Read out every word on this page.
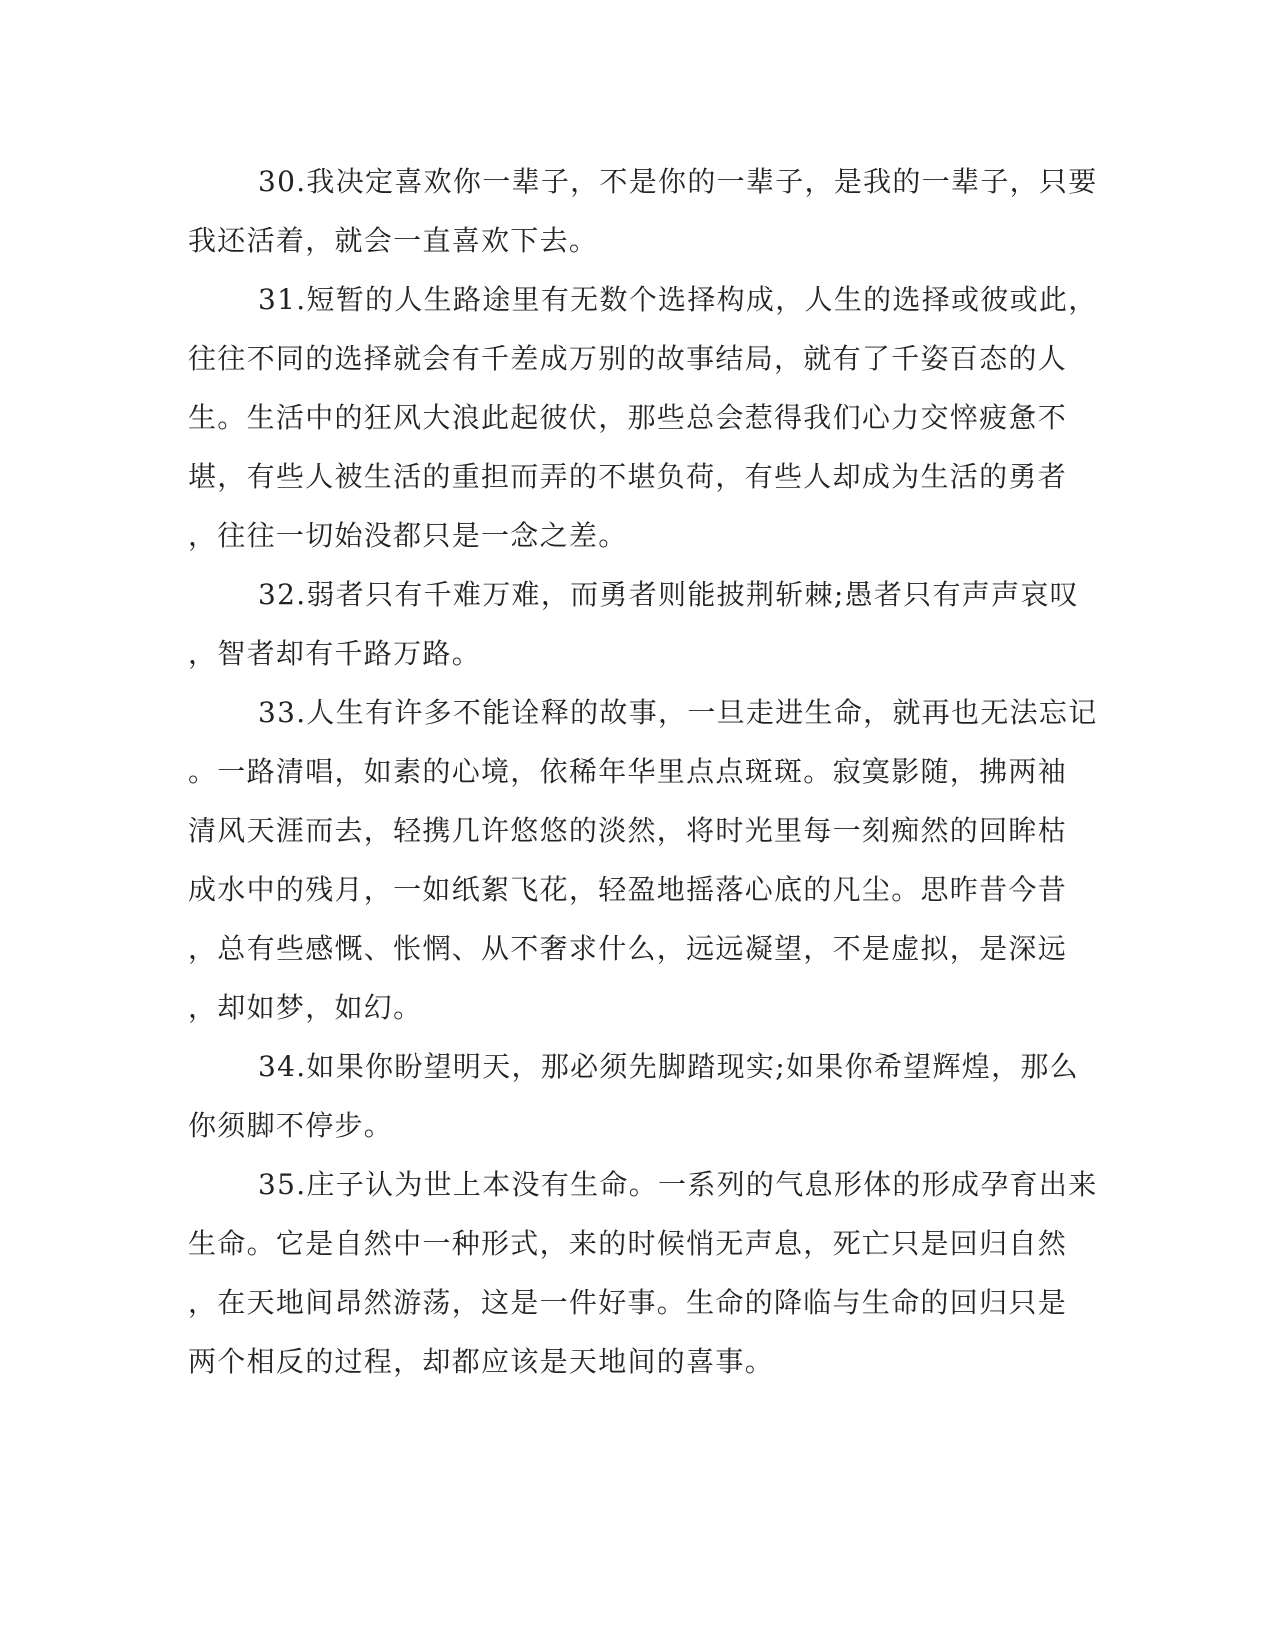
30.我决定喜欢你一辈子，不是你的一辈子，是我的一辈子，只要
我还活着，就会一直喜欢下去。
31.短暂的人生路途里有无数个选择构成，人生的选择或彼或此，
往往不同的选择就会有千差成万别的故事结局，就有了千姿百态的人
生。生活中的狂风大浪此起彼伏，那些总会惹得我们心力交悴疲惫不
堪，有些人被生活的重担而弄的不堪负荷，有些人却成为生活的勇者
，往往一切始没都只是一念之差。
32.弱者只有千难万难，而勇者则能披荆斩棘;愚者只有声声哀叹
，智者却有千路万路。
33.人生有许多不能诠释的故事，一旦走进生命，就再也无法忘记
。一路清唱，如素的心境，依稀年华里点点斑斑。寂寞影随，拂两袖
清风天涯而去，轻携几许悠悠的淡然，将时光里每一刻痴然的回眸枯
成水中的残月，一如纸絮飞花，轻盈地摇落心底的凡尘。思昨昔今昔
，总有些感慨、怅惘、从不奢求什么，远远凝望，不是虚拟，是深远
，却如梦，如幻。
34.如果你盼望明天，那必须先脚踏现实;如果你希望辉煌，那么
你须脚不停步。
35.庄子认为世上本没有生命。一系列的气息形体的形成孕育出来
生命。它是自然中一种形式，来的时候悄无声息，死亡只是回归自然
，在天地间昂然游荡，这是一件好事。生命的降临与生命的回归只是
两个相反的过程，却都应该是天地间的喜事。
